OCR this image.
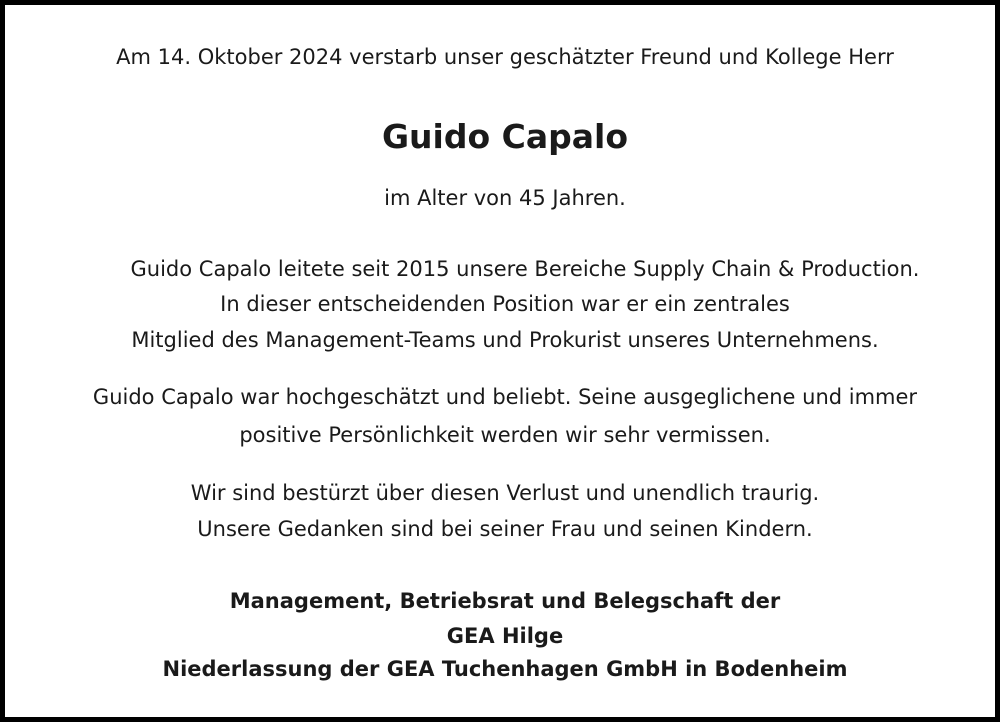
Am 14. Oktober 2024 verstarb unser geschätzter Freund und Kollege Herr
Guido Capalo
im Alter von 45 Jahren.
Guido Capalo leitete seit 2015 unsere Bereiche Supply Chain & Production.
In dieser entscheidenden Position war er ein zentrales
Mitglied des Management-Teams und Prokurist unseres Unternehmens.
Guido Capalo war hochgeschätzt und beliebt. Seine ausgeglichene und immer
positive Persönlichkeit werden wir sehr vermissen.
Wir sind bestürzt über diesen Verlust und unendlich traurig.
Unsere Gedanken sind bei seiner Frau und seinen Kindern.
Management, Betriebsrat und Belegschaft der
GEA Hilge
Niederlassung der GEA Tuchenhagen GmbH in Bodenheim
